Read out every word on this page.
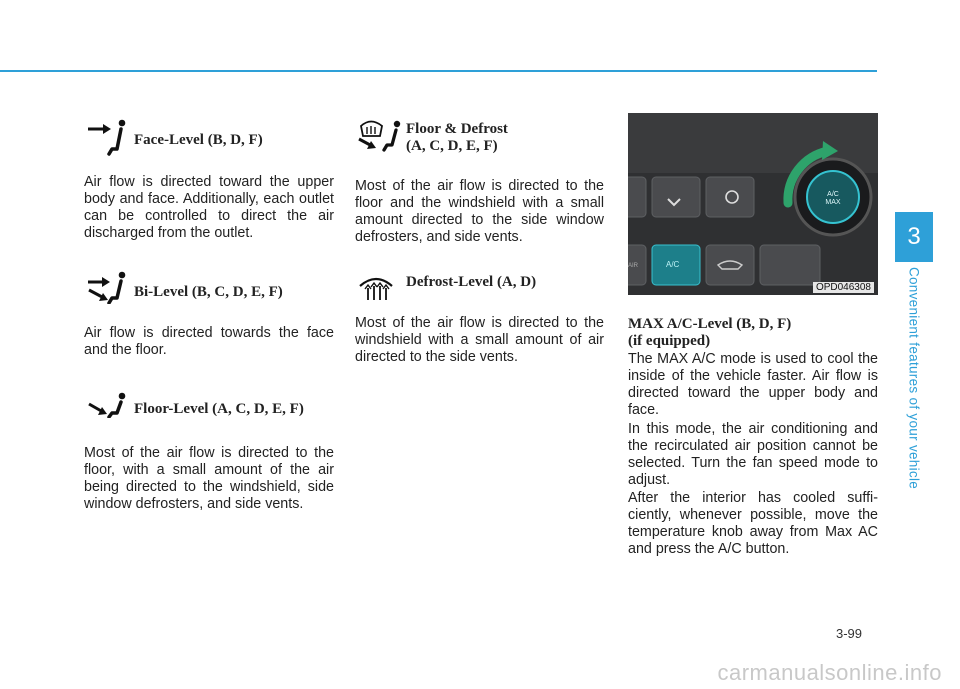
3
Convenient features of your vehicle
Face-Level (B, D, F)

Air flow is directed toward the upper body and face. Additionally, each outlet can be controlled to direct the air discharged from the outlet.

Bi-Level (B, C, D, E, F)

Air flow is directed towards the face and the floor.

Floor-Level (A, C, D, E, F)

Most of the air flow is directed to the floor, with a small amount of the air being directed to the windshield, side window defrosters, and side vents.

Floor & Defrost
(A, C, D, E, F)

Most of the air flow is directed to the floor and the windshield with a small amount directed to the side window defrosters, and side vents.

Defrost-Level (A, D)

Most of the air flow is directed to the windshield with a small amount of air directed to the side vents.

A/C
A/C MAX
AIR
OPD046308
MAX A/C-Level (B, D, F)
(if equipped)

The MAX A/C mode is used to cool the inside of the vehicle faster. Air flow is directed toward the upper body and face.

In this mode, the air conditioning and the recirculated air position cannot be selected. Turn the fan speed mode to adjust.

After the interior has cooled suffi-ciently, whenever possible, move the temperature knob away from Max AC and press the A/C button.

3-99
carmanualsonline.info
